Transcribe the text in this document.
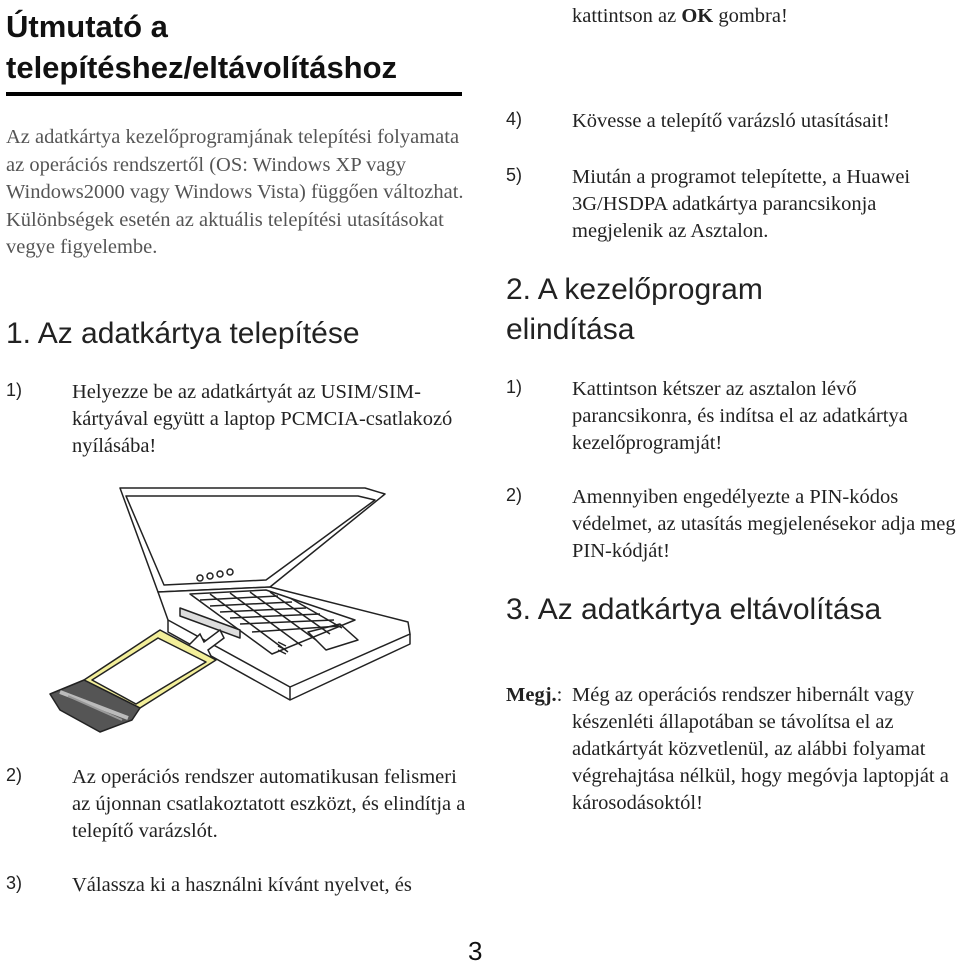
Útmutató a telepítéshez/eltávolításhoz
Az adatkártya kezelőprogramjának telepítési folyamata az operációs rendszertől (OS: Windows XP vagy Windows2000 vagy Windows Vista) függően változhat. Különbségek esetén az aktuális telepítési utasításokat vegye figyelembe.
1. Az adatkártya telepítése
1)	Helyezze be az adatkártyát az USIM/SIM-kártyával együtt a laptop PCMCIA-csatlakozó nyílásába!
2)	Az operációs rendszer automatikusan felismeri az újonnan csatlakoztatott eszközt, és elindítja a telepítő varázslót.
3)	Válassza ki a használni kívánt nyelvet, és
3
kattintson az OK gombra!
4)	Kövesse a telepítő varázsló utasításait!
5)	Miután a programot telepítette, a Huawei 3G/HSDPA adatkártya parancsikonja megjelenik az Asztalon.
2. A kezelőprogram elindítása
1)	Kattintson kétszer az asztalon lévő parancsikonra, és indítsa el az adatkártya kezelőprogramját!
2)	Amennyiben engedélyezte a PIN-kódos védelmet, az utasítás megjelenésekor adja meg PIN-kódját!
3. Az adatkártya eltávolítása
Megj.: Még az operációs rendszer hibernált vagy készenléti állapotában se távolítsa el az adatkártyát közvetlenül, az alábbi folyamat végrehajtása nélkül, hogy megóvja laptopját a károsodásoktól!
